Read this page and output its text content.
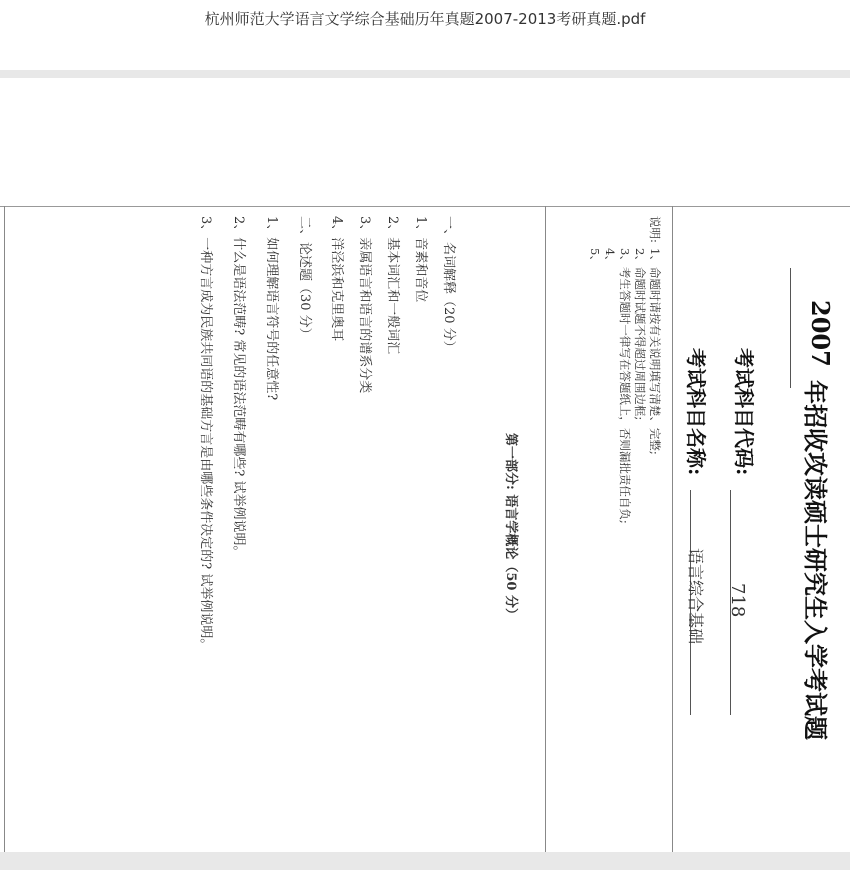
杭州师范大学语言文学综合基础历年真题2007-2013考研真题.pdf
2007
年招收攻读硕士研究生入学考试题
考试科目代码:
718
考试科目名称:
语言综合基础
说明:
1、命题时请按有关说明填写清楚、完整;
2、命题时试题不得超过周围边框;
3、考生答题时一律写在答题纸上，否则漏批责任自负;
4、
5、
第一部分: 语言学概论（50 分）
一、名词解释（20 分）
1、音素和音位
2、基本词汇和一般词汇
3、亲属语言和语言的谱系分类
4、洋泾浜和克里奥耳
二、论述题（30 分）
1、如何理解语言符号的任意性?
2、什么是语法范畴? 常见的语法范畴有哪些? 试举例说明。
3、一种方言成为民族共同语的基础方言是由哪些条件决定的? 试举例说明。
